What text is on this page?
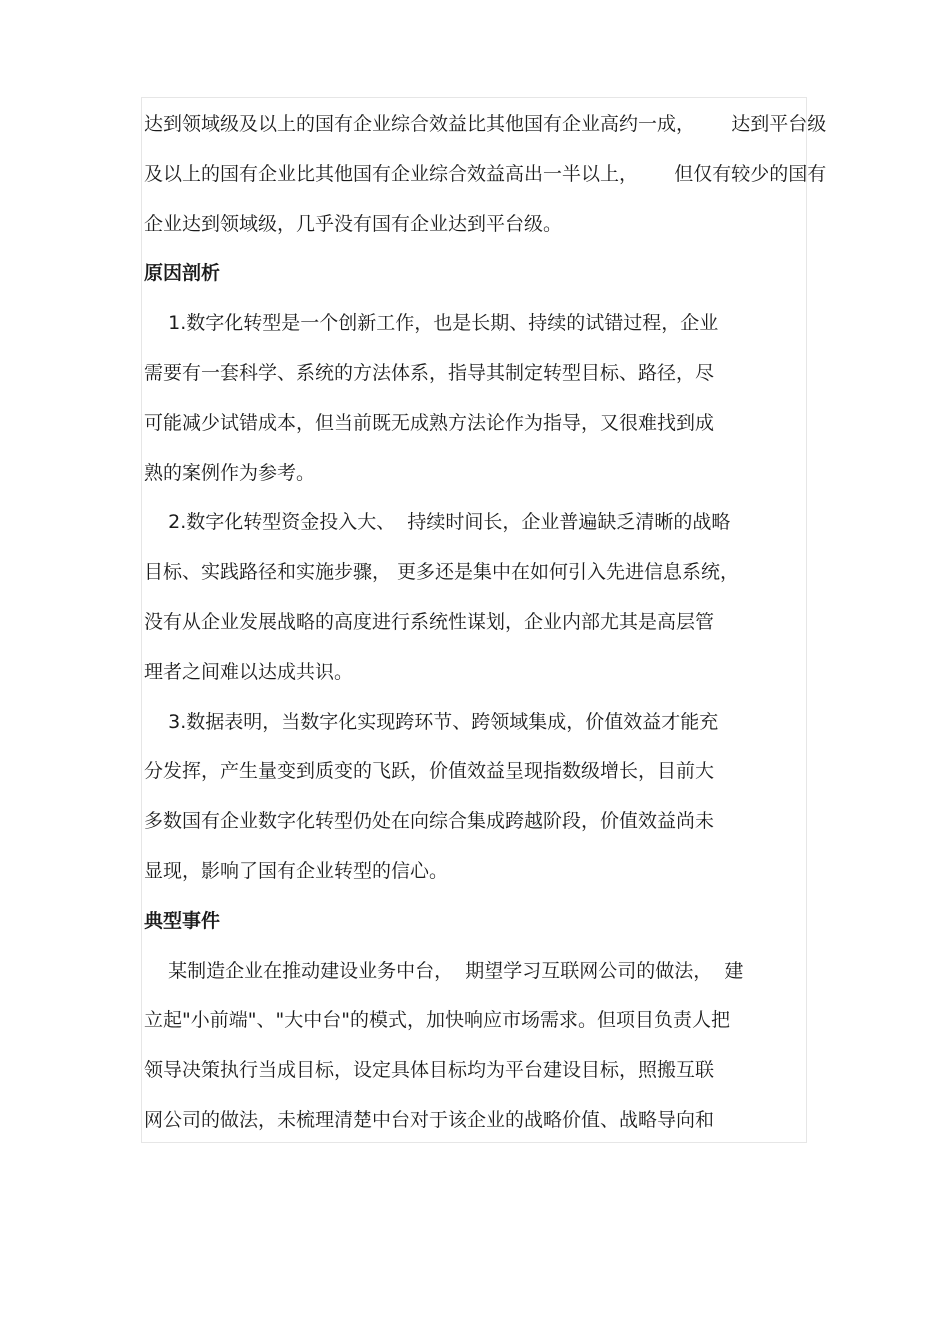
达到领域级及以上的国有企业综合效益比其他国有企业高约一成，      达到平台级
及以上的国有企业比其他国有企业综合效益高出一半以上，      但仅有较少的国有
企业达到领域级，几乎没有国有企业达到平台级。
原因剖析
1.数字化转型是一个创新工作，也是长期、持续的试错过程，企业
需要有一套科学、系统的方法体系，指导其制定转型目标、路径，尽
可能减少试错成本，但当前既无成熟方法论作为指导，又很难找到成
熟的案例作为参考。
2.数字化转型资金投入大、  持续时间长，企业普遍缺乏清晰的战略
目标、实践路径和实施步骤， 更多还是集中在如何引入先进信息系统，
没有从企业发展战略的高度进行系统性谋划，企业内部尤其是高层管
理者之间难以达成共识。
3.数据表明，当数字化实现跨环节、跨领域集成，价值效益才能充
分发挥，产生量变到质变的飞跃，价值效益呈现指数级增长，目前大
多数国有企业数字化转型仍处在向综合集成跨越阶段，价值效益尚未
显现，影响了国有企业转型的信心。
典型事件
某制造企业在推动建设业务中台，  期望学习互联网公司的做法，  建
立起"小前端"、"大中台"的模式，加快响应市场需求。但项目负责人把
领导决策执行当成目标，设定具体目标均为平台建设目标，照搬互联
网公司的做法，未梳理清楚中台对于该企业的战略价值、战略导向和
